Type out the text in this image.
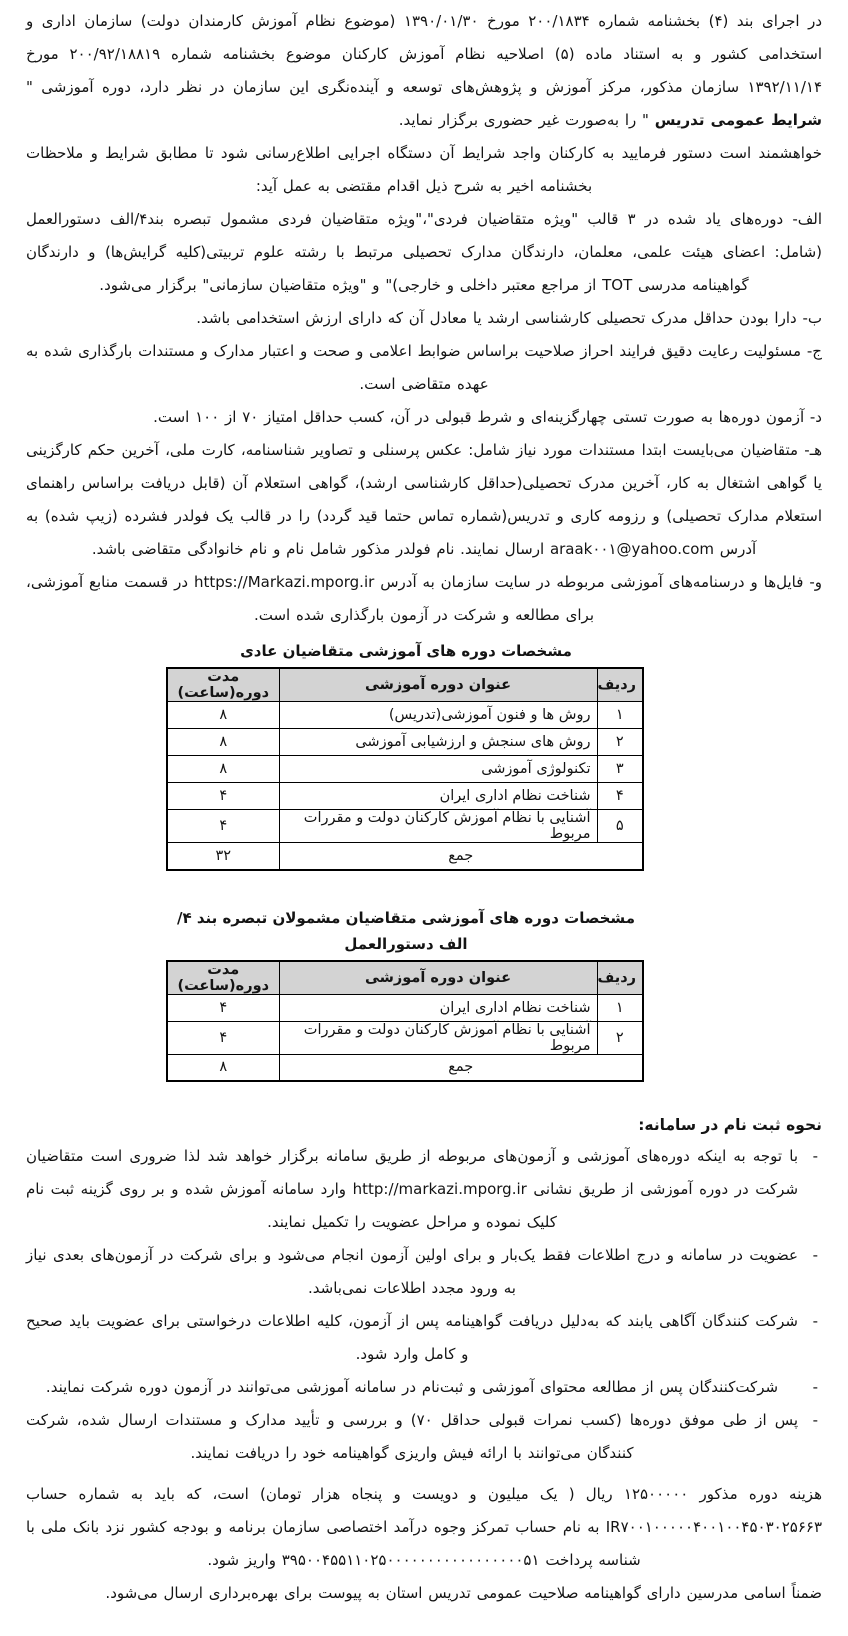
در اجرای بند (۴) بخشنامه شماره ۲۰۰/۱۸۳۴ مورخ ۱۳۹۰/۰۱/۳۰ (موضوع نظام آموزش کارمندان دولت) سازمان اداری و استخدامی کشور و به استناد ماده (۵) اصلاحیه نظام آموزش کارکنان موضوع بخشنامه شماره ۲۰۰/۹۲/۱۸۸۱۹ مورخ ۱۳۹۲/۱۱/۱۴ سازمان مذکور، مرکز آموزش و پژوهش‌های توسعه و آینده‌نگری این سازمان در نظر دارد، دوره آموزشی " شرایط عمومی تدریس " را به‌صورت غیر حضوری برگزار نماید.

خواهشمند است دستور فرمایید به کارکنان واجد شرایط آن دستگاه اجرایی اطلاع‌رسانی شود تا مطابق شرایط و ملاحظات بخشنامه اخیر به شرح ذیل اقدام مقتضی به عمل آید:

الف- دوره‌های یاد شده در ۳ قالب "ویژه متقاضیان فردی"،"ویژه متقاضیان فردی مشمول تبصره بند۴/الف دستورالعمل (شامل: اعضای هیئت علمی، معلمان، دارندگان مدارک تحصیلی مرتبط با رشته علوم تربیتی(کلیه گرایش‌ها) و دارندگان گواهینامه مدرسی TOT از مراجع معتبر داخلی و خارجی)" و "ویژه متقاضیان سازمانی" برگزار می‌شود.

ب- دارا بودن حداقل مدرک تحصیلی کارشناسی ارشد یا معادل آن که دارای ارزش استخدامی باشد.

ج- مسئولیت رعایت دقیق فرایند احراز صلاحیت براساس ضوابط اعلامی و صحت و اعتبار مدارک و مستندات بارگذاری شده به عهده متقاضی است.

د- آزمون دوره‌ها به صورت تستی چهارگزینه‌ای و شرط قبولی در آن، کسب حداقل امتیاز ۷۰ از ۱۰۰ است.

هـ- متقاضیان می‌بایست ابتدا مستندات مورد نیاز شامل: عکس پرسنلی و تصاویر شناسنامه، کارت ملی، آخرین حکم کارگزینی یا گواهی اشتغال به کار، آخرین مدرک تحصیلی(حداقل کارشناسی ارشد)، گواهی استعلام آن (قابل دریافت براساس راهنمای استعلام مدارک تحصیلی) و رزومه کاری و تدریس(شماره تماس حتما قید گردد) را در قالب یک فولدر فشرده (زیپ شده) به آدرس araak۰۰۱@yahoo.com ارسال نمایند. نام فولدر مذکور شامل نام و نام خانوادگی متقاضی باشد.

و- فایل‌ها و درسنامه‌های آموزشی مربوطه در سایت سازمان به آدرس https://Markazi.mporg.ir در قسمت منابع آموزشی، برای مطالعه و شرکت در آزمون بارگذاری شده است.

مشخصات دوره های آموزشی متقاضیان عادی
ردیف	عنوان دوره آموزشی	مدت دوره(ساعت)
۱	روش ها و فنون آموزشی(تدریس)	۸
۲	روش های سنجش و ارزشیابی آموزشی	۸
۳	تکنولوژی آموزشی	۸
۴	شناخت نظام اداری ایران	۴
۵	آشنایی با نظام آموزش کارکنان دولت و مقررات مربوط	۴
جمع		۳۲
مشخصات دوره های آموزشی متقاضیان مشمولان تبصره بند ۴/الف دستورالعمل
ردیف	عنوان دوره آموزشی	مدت دوره(ساعت)
۱	شناخت نظام اداری ایران	۴
۲	آشنایی با نظام آموزش کارکنان دولت و مقررات مربوط	۴
جمع		۸

نحوه ثبت نام در سامانه:

-

با توجه به اینکه دوره‌های آموزشی و آزمون‌های مربوطه از طریق سامانه برگزار خواهد شد لذا ضروری است متقاضیان شرکت در دوره آموزشی از طریق نشانی http://markazi.mporg.ir وارد سامانه آموزش شده و بر روی گزینه ثبت نام کلیک نموده و مراحل عضویت را تکمیل نمایند.

-

عضویت در سامانه و درج اطلاعات فقط یک‌بار و برای اولین آزمون انجام می‌شود و برای شرکت در آزمون‌های بعدی نیاز به ورود مجدد اطلاعات نمی‌باشد.

-

شرکت کنندگان آگاهی یابند که به‌دلیل دریافت گواهینامه پس از آزمون، کلیه اطلاعات درخواستی برای عضویت باید صحیح و کامل وارد شود.

-

شرکت‌کنندگان پس از مطالعه محتوای آموزشی و ثبت‌نام در سامانه آموزشی می‌توانند در آزمون دوره شرکت نمایند.

-

پس از طی موفق دوره‌ها (کسب نمرات قبولی حداقل ۷۰) و بررسی و تأیید مدارک و مستندات ارسال شده، شرکت کنندگان می‌توانند با ارائه فیش واریزی گواهینامه خود را دریافت نمایند.

هزینه دوره مذکور ۱۲۵۰۰۰۰۰ ریال ( یک میلیون و دویست و پنجاه هزار تومان) است، که باید به شماره حساب IR۷۰۰۱۰۰۰۰۰۴۰۰۱۰۰۴۵۰۳۰۲۵۶۶۳ به نام حساب تمرکز وجوه درآمد اختصاصی سازمان برنامه و بودجه کشور نزد بانک ملی با شناسه پرداخت ۳۹۵۰۰۴۵۵۱۱۰۲۵۰۰۰۰۰۰۰۰۰۰۰۰۰۰۰۰۰۵۱ واریز شود.

ضمناً اسامی مدرسین دارای گواهینامه صلاحیت عمومی تدریس استان به پیوست برای بهره‌برداری ارسال می‌شود.
